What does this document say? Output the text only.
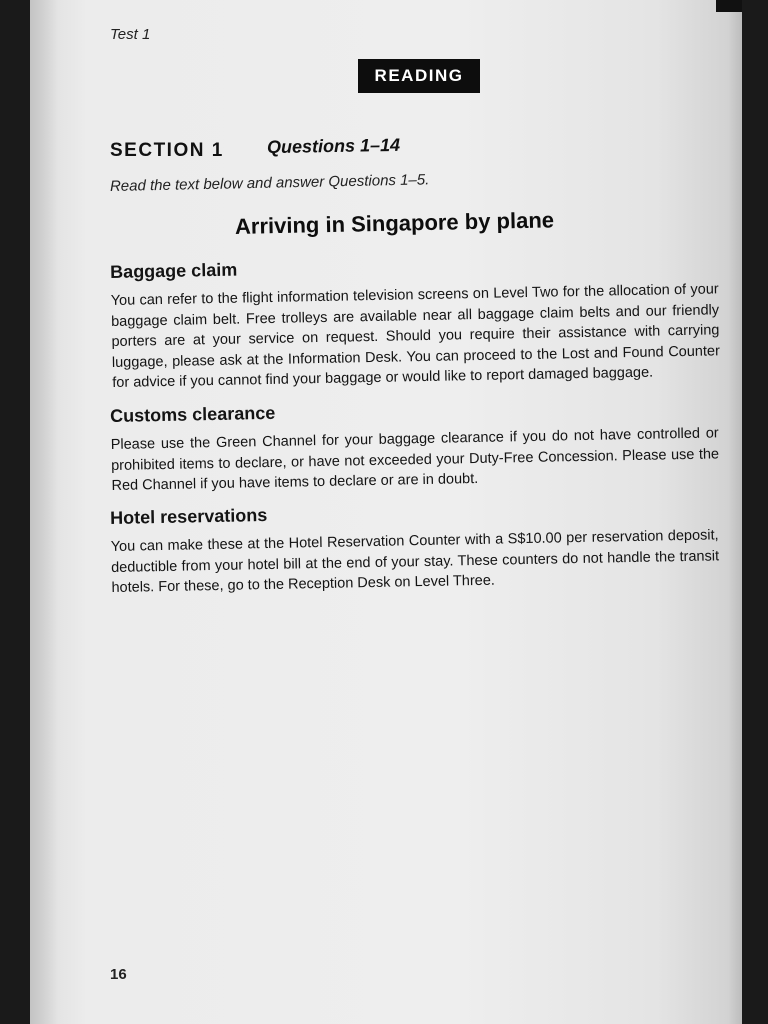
Test 1
READING
SECTION 1 Questions 1–14
Read the text below and answer Questions 1–5.
Arriving in Singapore by plane
Baggage claim
You can refer to the flight information television screens on Level Two for the allocation of your baggage claim belt. Free trolleys are available near all baggage claim belts and our friendly porters are at your service on request. Should you require their assistance with carrying luggage, please ask at the Information Desk. You can proceed to the Lost and Found Counter for advice if you cannot find your baggage or would like to report damaged baggage.
Customs clearance
Please use the Green Channel for your baggage clearance if you do not have controlled or prohibited items to declare, or have not exceeded your Duty-Free Concession. Please use the Red Channel if you have items to declare or are in doubt.
Hotel reservations
You can make these at the Hotel Reservation Counter with a S$10.00 per reservation deposit, deductible from your hotel bill at the end of your stay. These counters do not handle the transit hotels. For these, go to the Reception Desk on Level Three.
16
